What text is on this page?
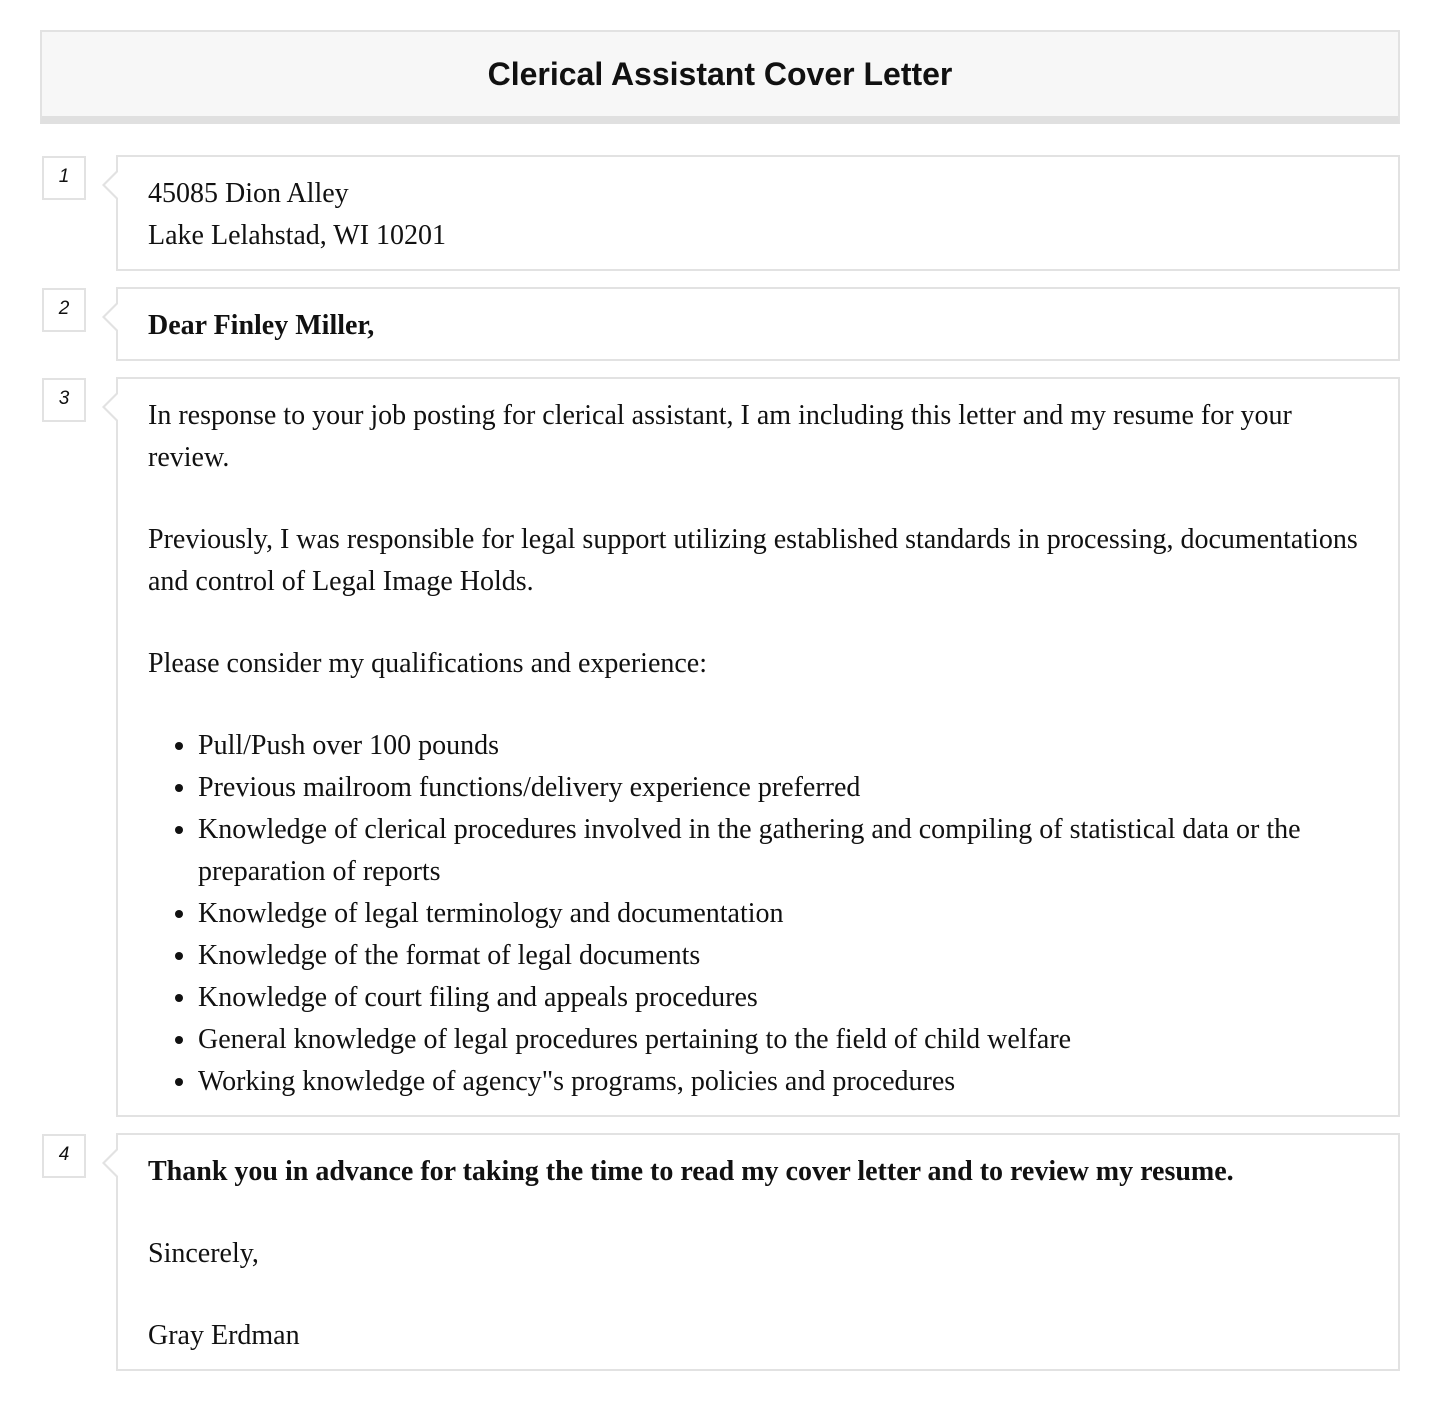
Clerical Assistant Cover Letter
1

45085 Dion Alley

Lake Lelahstad, WI 10201

2

Dear Finley Miller,

3

In response to your job posting for clerical assistant, I am including this letter and my resume for your review.

Previously, I was responsible for legal support utilizing established standards in processing, documentations and control of Legal Image Holds.

Please consider my qualifications and experience:

• Pull/Push over 100 pounds
• Previous mailroom functions/delivery experience preferred
• Knowledge of clerical procedures involved in the gathering and compiling of statistical data or the preparation of reports
• Knowledge of legal terminology and documentation
• Knowledge of the format of legal documents
• Knowledge of court filing and appeals procedures
• General knowledge of legal procedures pertaining to the field of child welfare
• Working knowledge of agency"s programs, policies and procedures
4

Thank you in advance for taking the time to read my cover letter and to review my resume.

Sincerely,

Gray Erdman
